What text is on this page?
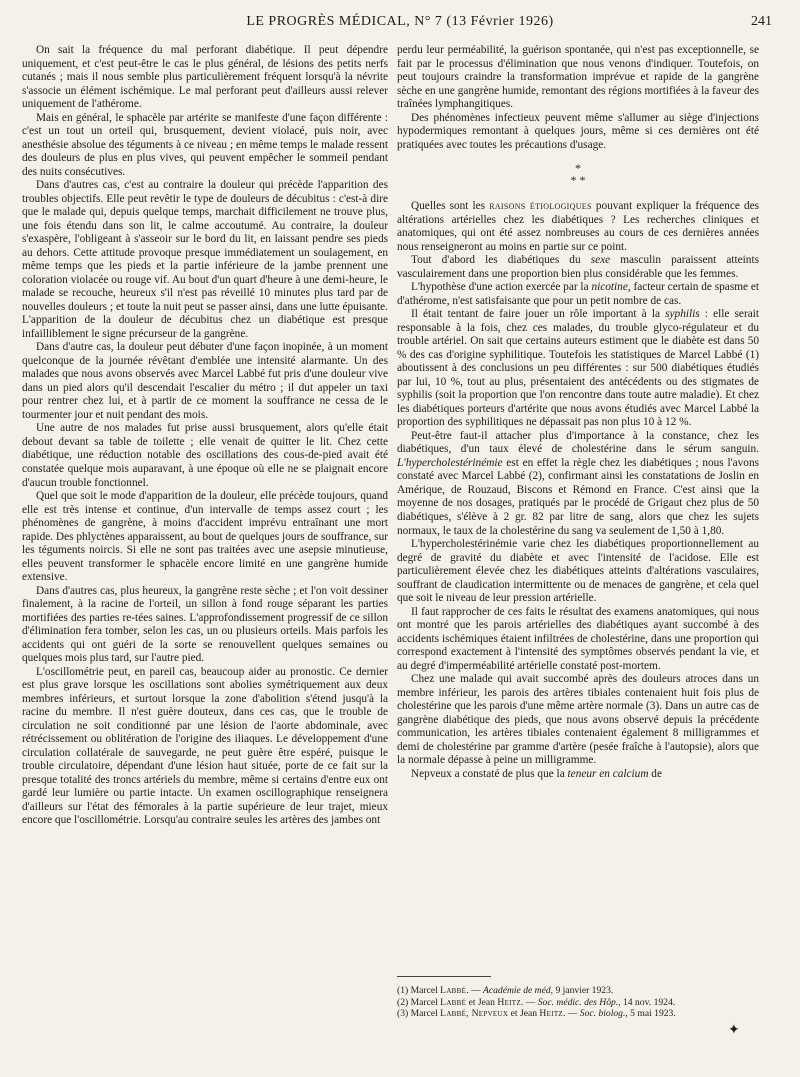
LE PROGRÈS MÉDICAL, N° 7 (13 Février 1926)	241

On sait la fréquence du mal perforant diabétique. Il peut dépendre uniquement, et c'est peut-être le cas le plus général, de lésions des petits nerfs cutanés ; mais il nous semble plus particulièrement fréquent lorsqu'à la névrite s'associe un élément ischémique. Le mal perforant peut d'ailleurs aussi relever uniquement de l'athérome.

Mais en général, le sphacèle par artérite se manifeste d'une façon différente : c'est un tout un orteil qui, brusquement, devient violacé, puis noir, avec anesthésie absolue des téguments à ce niveau ; en même temps le malade ressent des douleurs de plus en plus vives, qui peuvent empêcher le sommeil pendant des nuits consécutives.

Dans d'autres cas, c'est au contraire la douleur qui précède l'apparition des troubles objectifs. Elle peut revêtir le type de douleurs de décubitus : c'est-à dire que le malade qui, depuis quelque temps, marchait difficilement ne trouve plus, une fois étendu dans son lit, le calme accoutumé. Au contraire, la douleur s'exaspère, l'obligeant à s'asseoir sur le bord du lit, en laissant pendre ses pieds au dehors. Cette attitude provoque presque immédiatement un soulagement, en même temps que les pieds et la partie inférieure de la jambe prennent une coloration violacée ou rouge vif. Au bout d'un quart d'heure à une demi-heure, le malade se recouche, heureux s'il n'est pas réveillé 10 minutes plus tard par de nouvelles douleurs ; et toute la nuit peut se passer ainsi, dans une lutte épuisante. L'apparition de la douleur de décubitus chez un diabétique est presque infailliblement le signe précurseur de la gangrène.

Dans d'autre cas, la douleur peut débuter d'une façon inopinée, à un moment quelconque de la journée révêtant d'emblée une intensité alarmante. Un des malades que nous avons observés avec Marcel Labbé fut pris d'une douleur vive dans un pied alors qu'il descendait l'escalier du métro ; il dut appeler un taxi pour rentrer chez lui, et à partir de ce moment la souffrance ne cessa de le tourmenter jour et nuit pendant des mois.

Une autre de nos malades fut prise aussi brusquement, alors qu'elle était debout devant sa table de toilette ; elle venait de quitter le lit. Chez cette diabétique, une réduction notable des oscillations des cous-de-pied avait été constatée quelque mois auparavant, à une époque où elle ne se plaignait encore d'aucun trouble fonctionnel.

Quel que soit le mode d'apparition de la douleur, elle précède toujours, quand elle est très intense et continue, d'un intervalle de temps assez court ; les phénomènes de gangrène, à moins d'accident imprévu entraînant une mort rapide. Des phlyctènes apparaissent, au bout de quelques jours de souffrance, sur les téguments noircis. Si elle ne sont pas traitées avec une asepsie minutieuse, elles peuvent transformer le sphacèle encore limité en une gangrène humide extensive.

Dans d'autres cas, plus heureux, la gangrène reste sèche ; et l'on voit dessiner finalement, à la racine de l'orteil, un sillon à fond rouge séparant les parties mortifiées des parties re-tées saines. L'approfondissement progressif de ce sillon d'élimination fera tomber, selon les cas, un ou plusieurs orteils. Mais parfois les accidents qui ont guéri de la sorte se renouvellent quelques semaines ou quelques mois plus tard, sur l'autre pied.

L'oscillométrie peut, en pareil cas, beaucoup aider au pronostic. Ce dernier est plus grave lorsque les oscillations sont abolies symétriquement aux deux membres inférieurs, et surtout lorsque la zone d'abolition s'étend jusqu'à la racine du membre. Il n'est guère douteux, dans ces cas, que le trouble de circulation ne soit conditionné par une lésion de l'aorte abdominale, avec rétrécissement ou oblitération de l'origine des iliaques. Le développement d'une circulation collatérale de sauvegarde, ne peut guère être espéré, puisque le trouble circulatoire, dépendant d'une lésion haut située, porte de ce fait sur la presque totalité des troncs artériels du membre, même si certains d'entre eux ont gardé leur lumière ou partie intacte. Un examen oscillographique renseignera d'ailleurs sur l'état des fémorales à la partie supérieure de leur trajet, mieux encore que l'oscillométrie. Lorsqu'au contraire seules les artères des jambes ont

perdu leur perméabilité, la guérison spontanée, qui n'est pas exceptionnelle, se fait par le processus d'élimination que nous venons d'indiquer. Toutefois, on peut toujours craindre la transformation imprévue et rapide de la gangrène sèche en une gangrène humide, remontant des régions mortifiées à la faveur des traînées lymphangitiques.

Des phénomènes infectieux peuvent même s'allumer au siège d'injections hypodermiques remontant à quelques jours, même si ces dernières ont été pratiquées avec toutes les précautions d'usage.

*
* *

Quelles sont les raisons étiologiques pouvant expliquer la fréquence des altérations artérielles chez les diabétiques ? Les recherches cliniques et anatomiques, qui ont été assez nombreuses au cours de ces dernières années nous renseigneront au moins en partie sur ce point.

Tout d'abord les diabétiques du sexe masculin paraissent atteints vasculairement dans une proportion bien plus considérable que les femmes.

L'hypothèse d'une action exercée par la nicotine, facteur certain de spasme et d'athérome, n'est satisfaisante que pour un petit nombre de cas.

Il était tentant de faire jouer un rôle important à la syphilis : elle serait responsable à la fois, chez ces malades, du trouble glyco-régulateur et du trouble artériel. On sait que certains auteurs estiment que le diabète est dans 50 % des cas d'origine syphilitique. Toutefois les statistiques de Marcel Labbé (1) aboutissent à des conclusions un peu différentes : sur 500 diabétiques étudiés par lui, 10 %, tout au plus, présentaient des antécédents ou des stigmates de syphilis (soit la proportion que l'on rencontre dans toute autre maladie). Et chez les diabétiques porteurs d'artérite que nous avons étudiés avec Marcel Labbé la proportion des syphilitiques ne dépassait pas non plus 10 à 12 %.

Peut-être faut-il attacher plus d'importance à la constance, chez les diabétiques, d'un taux élevé de cholestérine dans le sérum sanguin. L'hypercholestérinémie est en effet la règle chez les diabétiques ; nous l'avons constaté avec Marcel Labbé (2), confirmant ainsi les constatations de Joslin en Amérique, de Rouzaud, Biscons et Rémond en France. C'est ainsi que la moyenne de nos dosages, pratiqués par le procédé de Grigaut chez plus de 50 diabétiques, s'élève à 2 gr. 82 par litre de sang, alors que chez les sujets normaux, le taux de la cholestérine du sang va seulement de 1,50 à 1,80.

L'hypercholestérinémie varie chez les diabétiques proportionnellement au degré de gravité du diabète et avec l'intensité de l'acidose. Elle est particulièrement élevée chez les diabétiques atteints d'altérations vasculaires, souffrant de claudication intermittente ou de menaces de gangrène, et cela quel que soit le niveau de leur pression artérielle.

Il faut rapprocher de ces faits le résultat des examens anatomiques, qui nous ont montré que les parois artérielles des diabétiques ayant succombé à des accidents ischémiques étaient infiltrées de cholestérine, dans une proportion qui correspond exactement à l'intensité des symptômes observés pendant la vie, et au degré d'imperméabilité artérielle constaté post-mortem.

Chez une malade qui avait succombé après des douleurs atroces dans un membre inférieur, les parois des artères tibiales contenaient huit fois plus de cholestérine que les parois d'une même artère normale (3). Dans un autre cas de gangrène diabétique des pieds, que nous avons observé depuis la précédente communication, les artères tibiales contenaient également 8 milligrammes et demi de cholestérine par gramme d'artère (pesée fraîche à l'autopsie), alors que la normale dépasse à peine un milligramme.

Nepveux a constaté de plus que la teneur en calcium de

(1) Marcel Labbé. — Académie de méd, 9 janvier 1923.
(2) Marcel Labbé et Jean Heitz. — Soc. médic. des Hôp., 14 nov. 1924.
(3) Marcel Labbé, Nepveux et Jean Heitz. — Soc. biolog., 5 mai 1923.
✦
